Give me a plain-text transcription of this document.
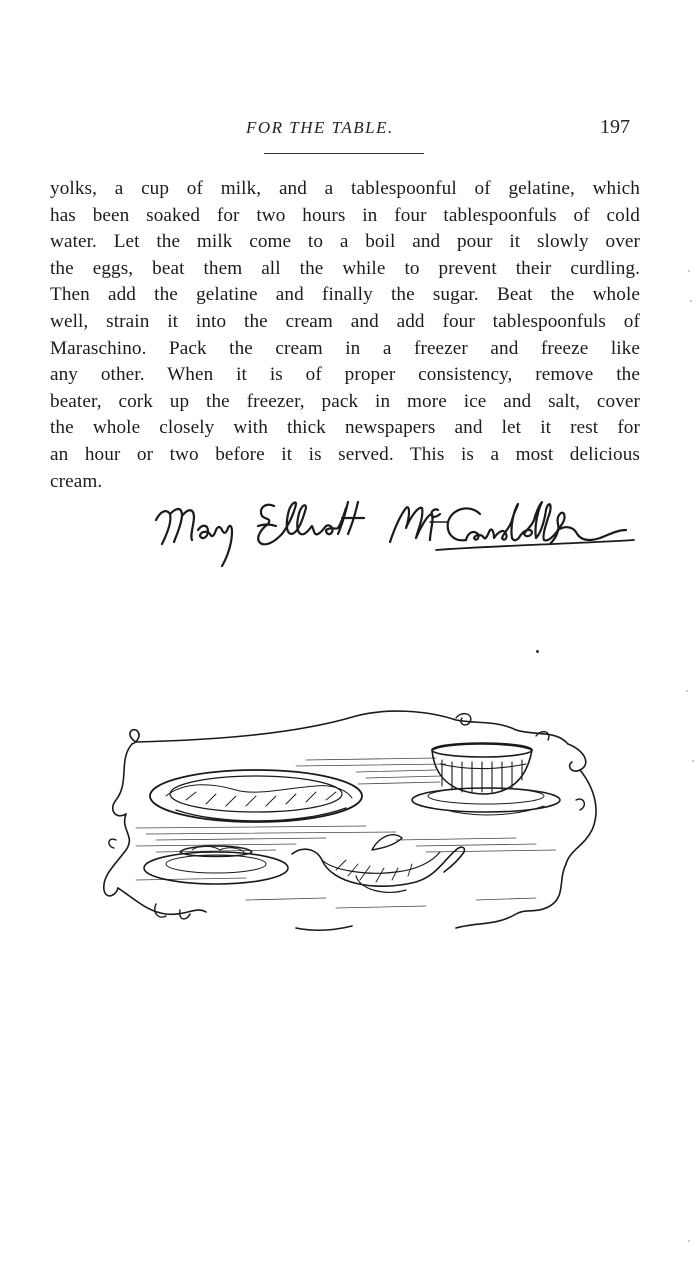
FOR THE TABLE.	197
yolks, a cup of milk, and a tablespoonful of gelatine, which
has been soaked for two hours in four tablespoonfuls of cold
water. Let the milk come to a boil and pour it slowly over
the eggs, beat them all the while to prevent their curdling.
Then add the gelatine and finally the sugar. Beat the whole
well, strain it into the cream and add four tablespoonfuls of
Maraschino. Pack the cream in a freezer and freeze like
any other. When it is of proper consistency, remove the
beater, cork up the freezer, pack in more ice and salt, cover
the whole closely with thick newspapers and let it rest for
an hour or two before it is served. This is a most delicious
cream.
